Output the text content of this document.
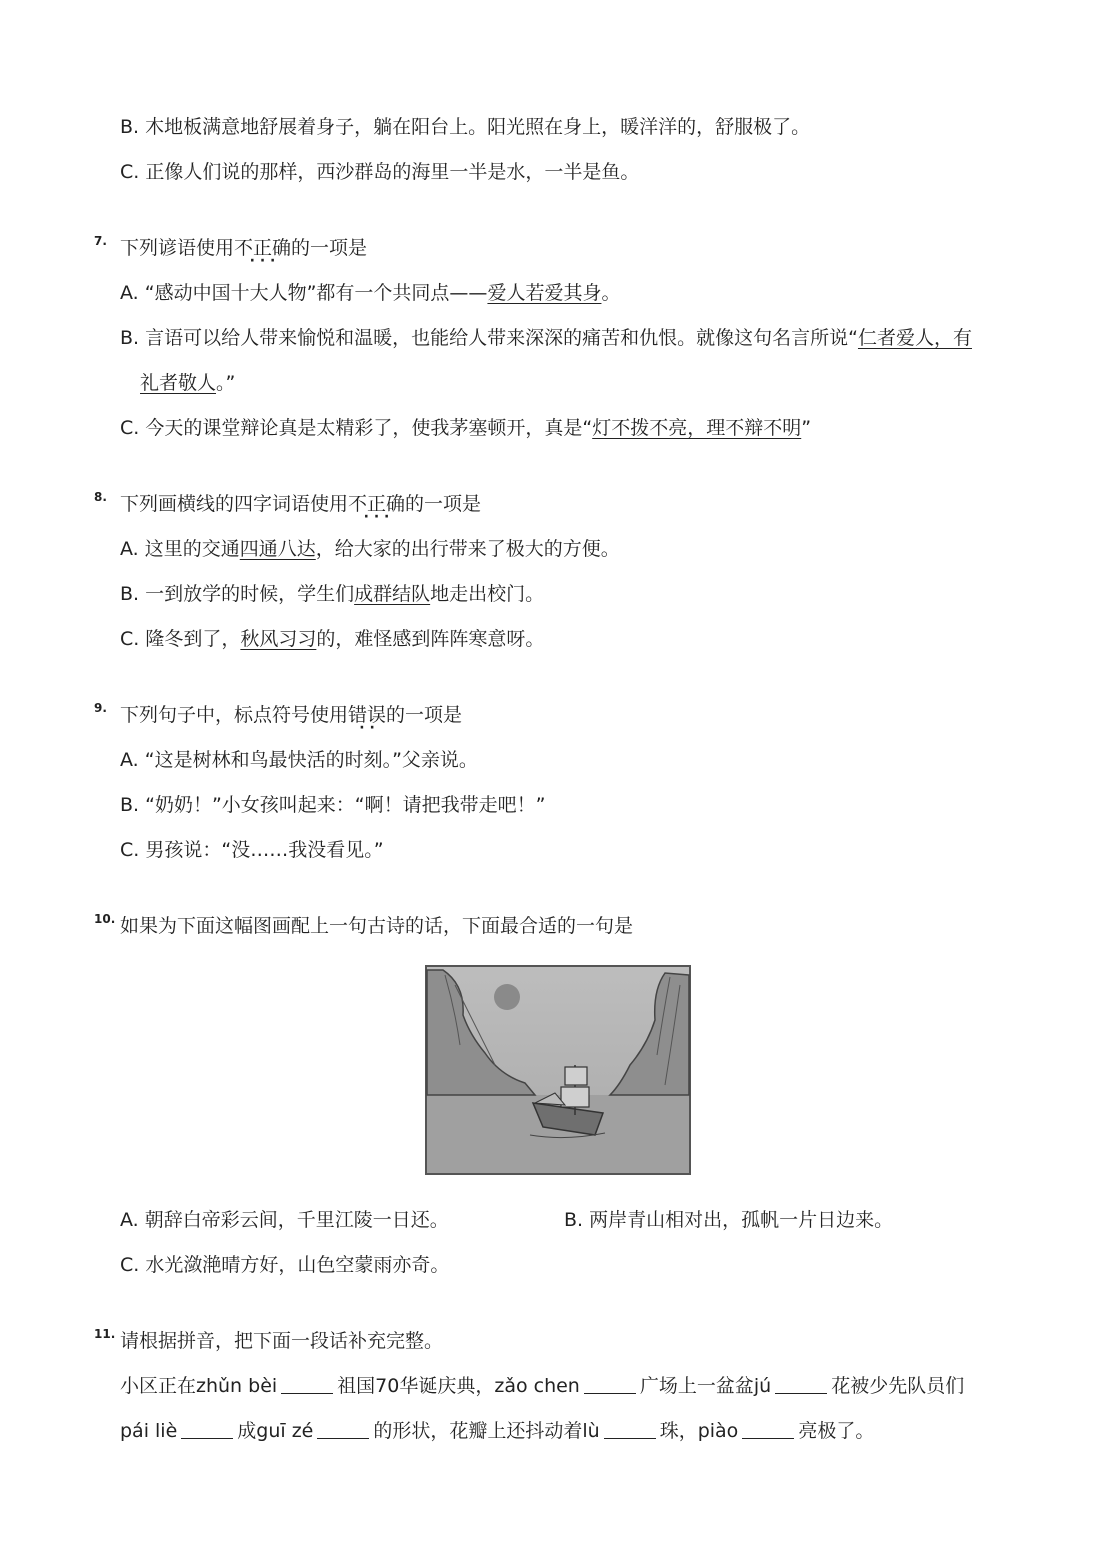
B. 木地板满意地舒展着身子，躺在阳台上。阳光照在身上，暖洋洋的，舒服极了。
C. 正像人们说的那样，西沙群岛的海里一半是水，一半是鱼。
7. 下列谚语使用不正确 · · ·的一项是
A. “感动中国十大人物”都有一个共同点——爱人若爱其身。
B. 言语可以给人带来愉悦和温暖，也能给人带来深深的痛苦和仇恨。就像这句名言所说“仁者爱人，有
礼者敬人。”
C. 今天的课堂辩论真是太精彩了，使我茅塞顿开，真是“灯不拨不亮，理不辩不明”
8. 下列画横线的四字词语使用不正确 · · ·的一项是
A. 这里的交通四通八达，给大家的出行带来了极大的方便。
B. 一到放学的时候，学生们成群结队地走出校门。
C. 隆冬到了，秋风习习的，难怪感到阵阵寒意呀。
9. 下列句子中，标点符号使用错误 · ·的一项是
A. “这是树林和鸟最快活的时刻。”父亲说。
B. “奶奶！”小女孩叫起来：“啊！请把我带走吧！”
C. 男孩说：“没……我没看见。”
10. 如果为下面这幅图画配上一句古诗的话，下面最合适的一句是
A. 朝辞白帝彩云间，千里江陵一日还。	B. 两岸青山相对出，孤帆一片日边来。
C. 水光潋滟晴方好，山色空蒙雨亦奇。
11. 请根据拼音，把下面一段话补充完整。
小区正在zhǔn bèi	祖国70华诞庆典，zǎo chen	广场上一盆盆jú	花被少先队员们
pái liè	成guī zé	的形状，花瓣上还抖动着lù	珠，piào	亮极了。
